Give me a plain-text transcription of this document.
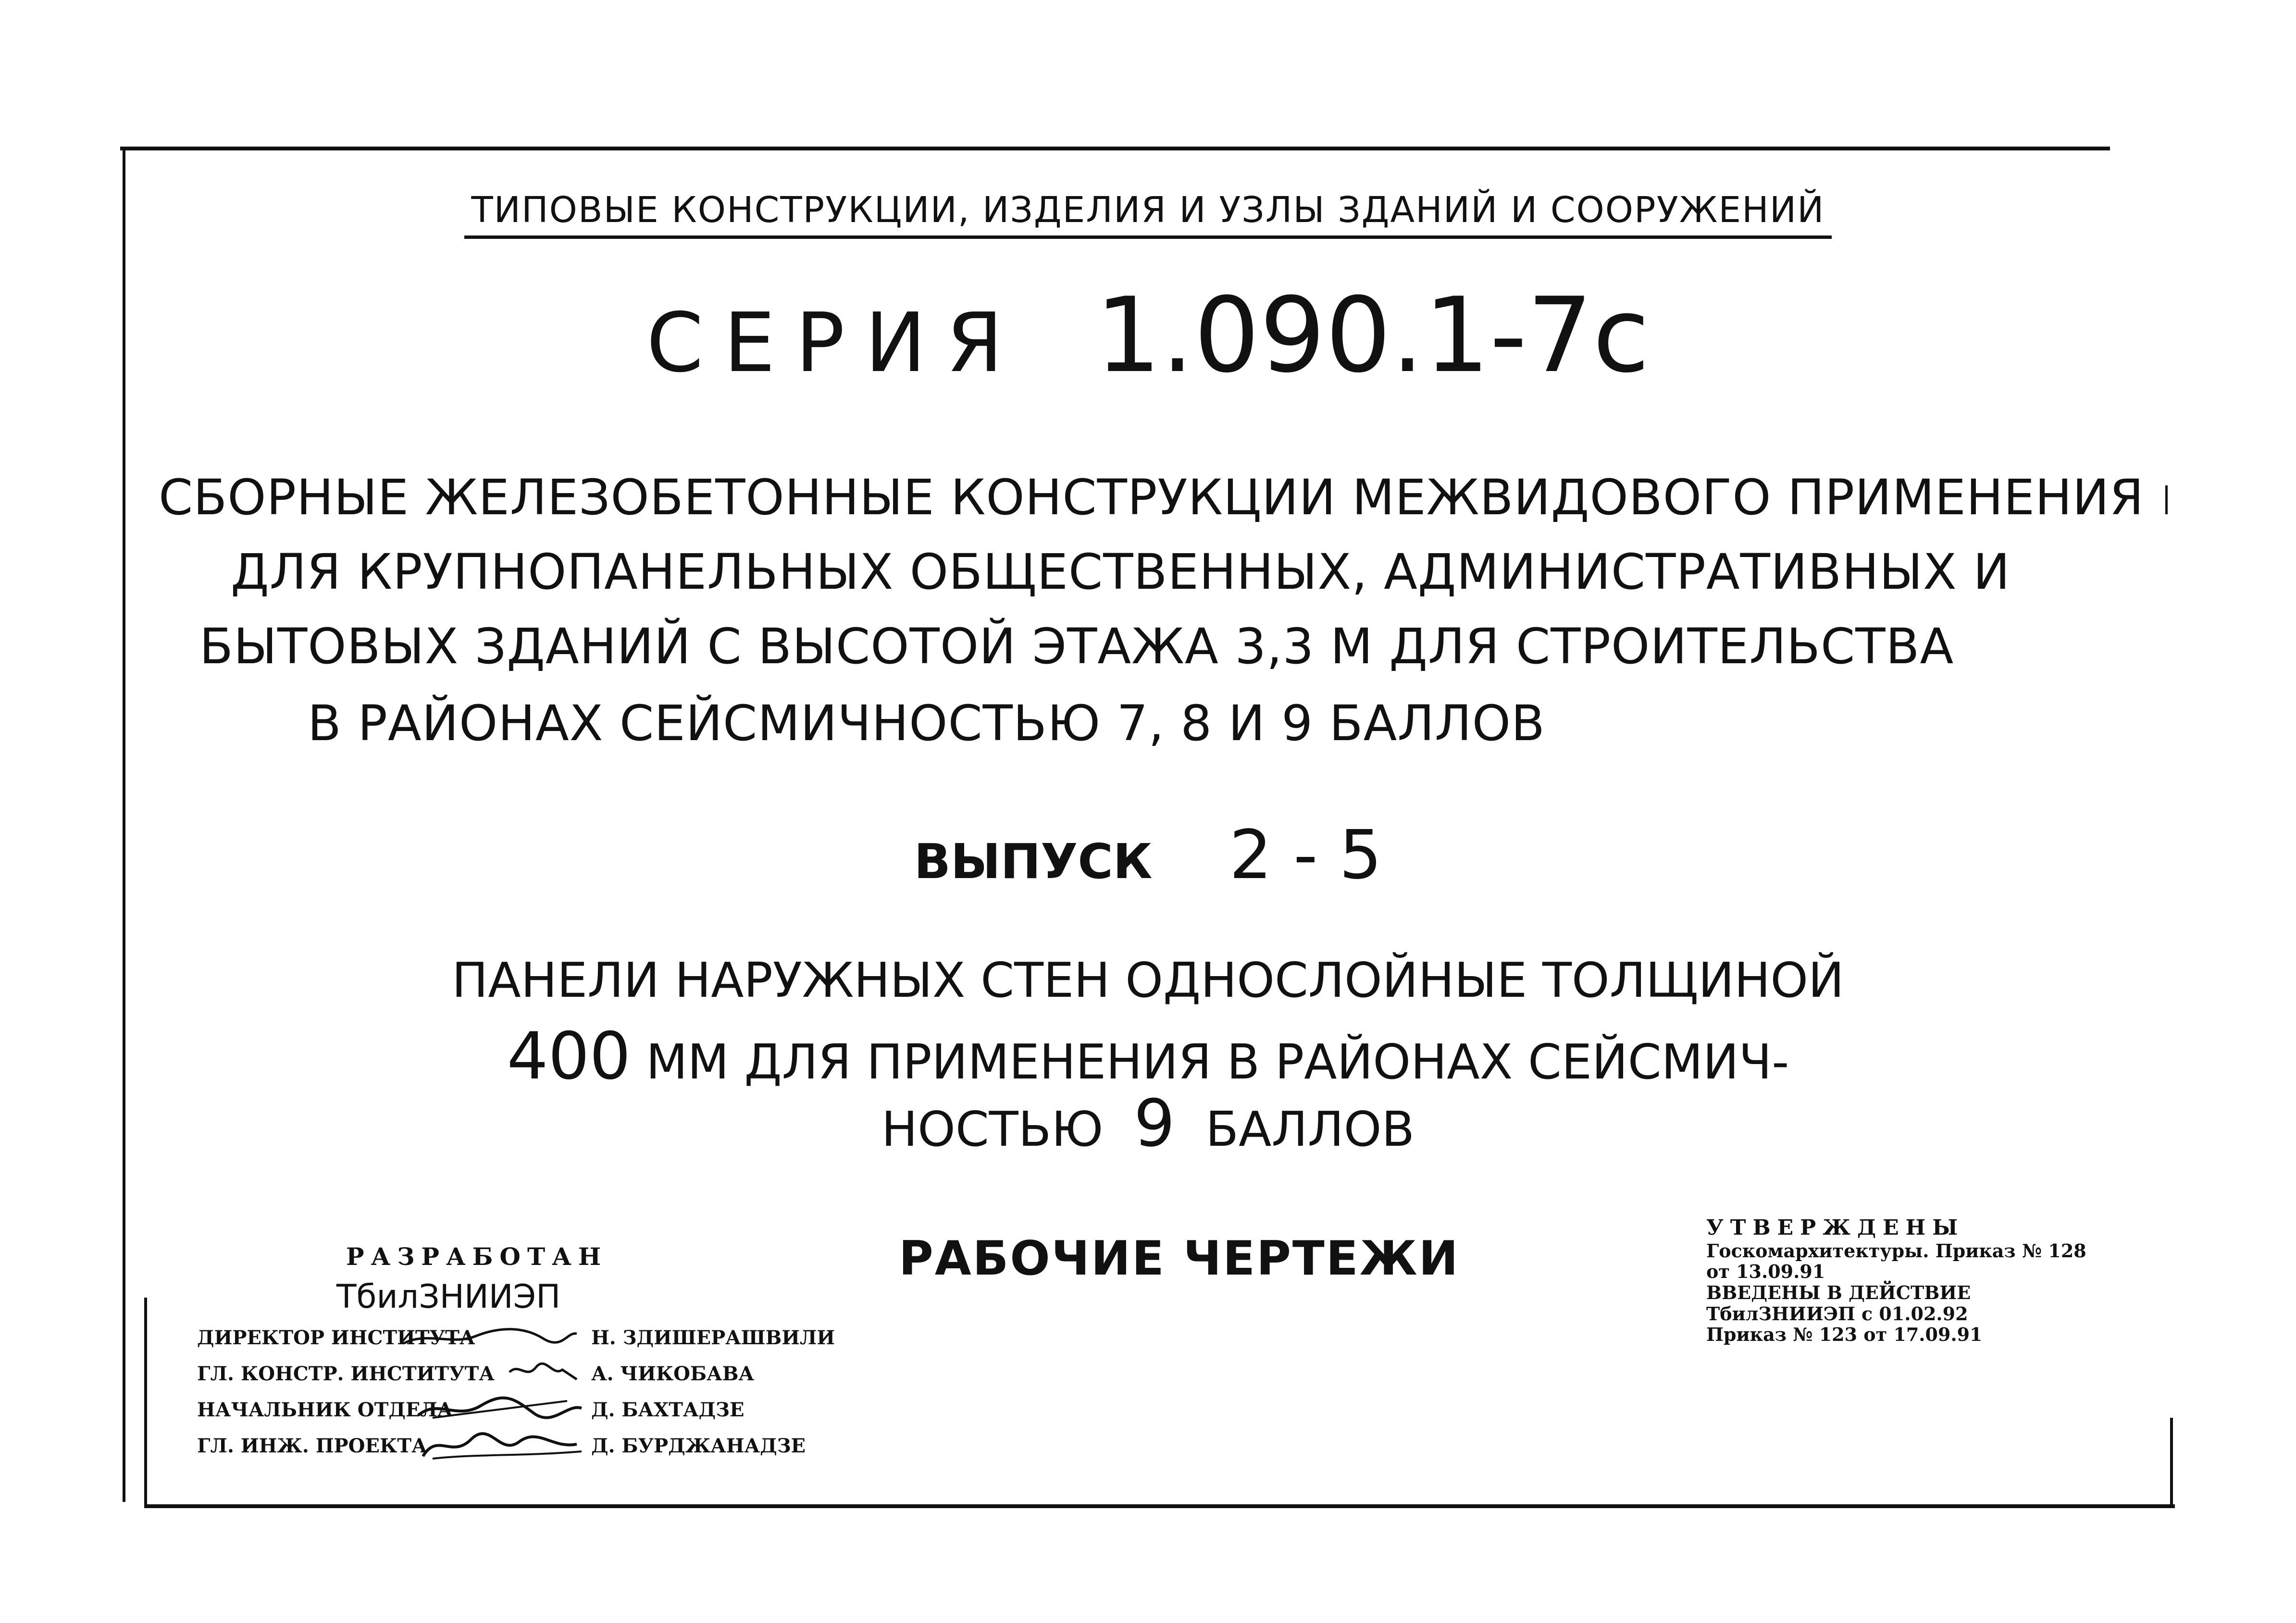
ТИПОВЫЕ КОНСТРУКЦИИ, ИЗДЕЛИЯ И УЗЛЫ ЗДАНИЙ И СООРУЖЕНИЙ
СЕРИЯ 1.090.1-7с
СБОРНЫЕ ЖЕЛЕЗОБЕТОННЫЕ КОНСТРУКЦИИ МЕЖВИДОВОГО ПРИМЕНЕНИЯ
ДЛЯ КРУПНОПАНЕЛЬНЫХ ОБЩЕСТВЕННЫХ, АДМИНИСТРАТИВНЫХ И
БЫТОВЫХ ЗДАНИЙ С ВЫСОТОЙ ЭТАЖА 3,3 М ДЛЯ СТРОИТЕЛЬСТВА
В РАЙОНАХ СЕЙСМИЧНОСТЬЮ 7, 8 И 9 БАЛЛОВ
ВЫПУСК 2 - 5
ПАНЕЛИ НАРУЖНЫХ СТЕН ОДНОСЛОЙНЫЕ ТОЛЩИНОЙ
400 ММ ДЛЯ ПРИМЕНЕНИЯ В РАЙОНАХ СЕЙСМИЧ-
НОСТЬЮ 9 БАЛЛОВ
РАБОЧИЕ ЧЕРТЕЖИ
РАЗРАБОТАН
ТбилЗНИИЭП
ДИРЕКТОР ИНСТИТУТА	Н. ЗДИШЕРАШВИЛИ
ГЛ. КОНСТР. ИНСТИТУТА	А. ЧИКОБАВА
НАЧАЛЬНИК ОТДЕЛА	Д. БАХТАДЗЕ
ГЛ. ИНЖ. ПРОЕКТА	Д. БУРДЖАНАДЗЕ
УТВЕРЖДЕНЫ
Госкомархитектуры. Приказ № 128
от 13.09.91
ВВЕДЕНЫ В ДЕЙСТВИЕ
ТбилЗНИИЭП с 01.02.92
Приказ № 123 от 17.09.91
